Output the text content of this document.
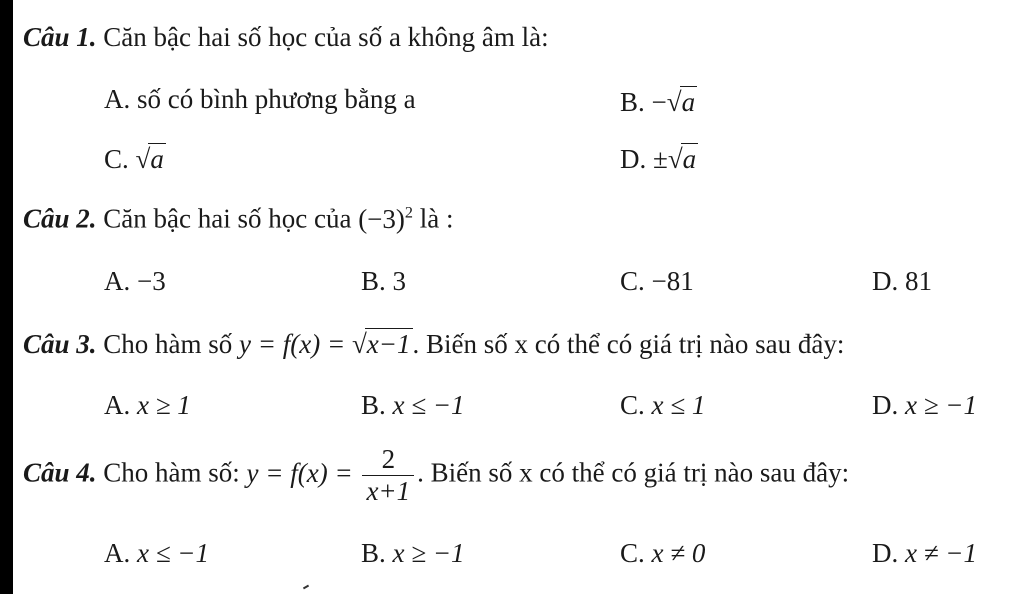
Câu 1. Căn bậc hai số học của số a không âm là:
A. số có bình phương bằng a	B. −√a
C. √a	D. ±√a
Câu 2. Căn bậc hai số học của $(-3)^2$ là :
A. −3	B. 3	C. −81	D. 81
Câu 3. Cho hàm số y = f(x) = √x−1. Biến số x có thể có giá trị nào sau đây:
A. x ≥ 1	B. x ≤ −1	C. x ≤ 1	D. x ≥ −1
Câu 4. Cho hàm số: $y = f(x) = \frac{2}{x+1}$ . Biến số x có thể có giá trị nào sau đây:
A. x ≤ −1	B. x ≥ −1	C. x ≠ 0	D. x ≠ −1
